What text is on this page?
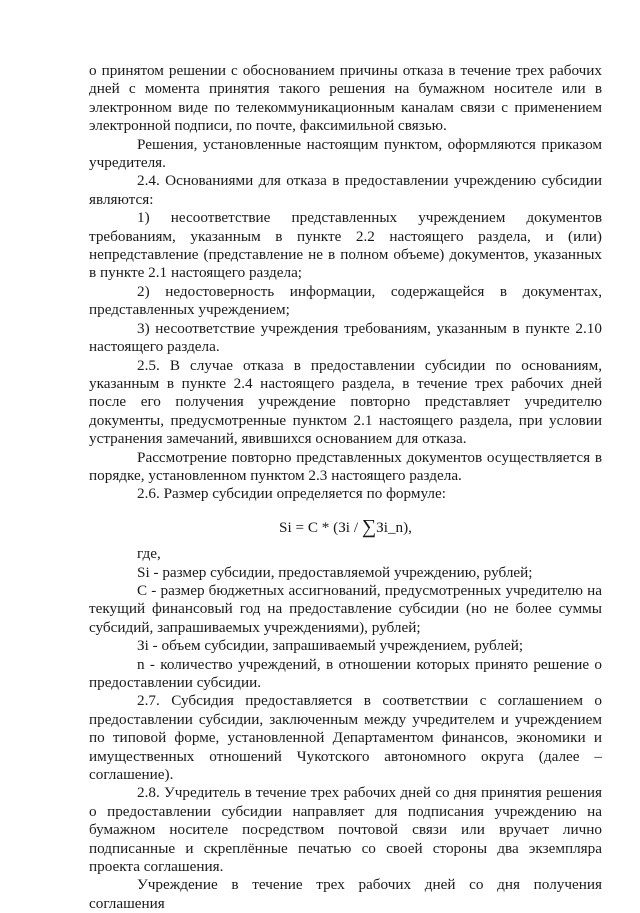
о принятом решении с обоснованием причины отказа в течение трех рабочих дней с момента принятия такого решения на бумажном носителе или в электронном виде по телекоммуникационным каналам связи с применением электронной подписи, по почте, факсимильной связью.

Решения, установленные настоящим пунктом, оформляются приказом учредителя.

2.4. Основаниями для отказа в предоставлении учреждению субсидии являются:

1) несоответствие представленных учреждением документов требованиям, указанным в пункте 2.2 настоящего раздела, и (или) непредставление (представление не в полном объеме) документов, указанных в пункте 2.1 настоящего раздела;

2) недостоверность информации, содержащейся в документах, представленных учреждением;

3) несоответствие учреждения требованиям, указанным в пункте 2.10 настоящего раздела.

2.5. В случае отказа в предоставлении субсидии по основаниям, указанным в пункте 2.4 настоящего раздела, в течение трех рабочих дней после его получения учреждение повторно представляет учредителю документы, предусмотренные пунктом 2.1 настоящего раздела, при условии устранения замечаний, явившихся основанием для отказа.

Рассмотрение повторно представленных документов осуществляется в порядке, установленном пунктом 2.3 настоящего раздела.

2.6. Размер субсидии определяется по формуле:

Si = C * (Зi / ∑Зi_n),

где,

Si - размер субсидии, предоставляемой учреждению, рублей;

C - размер бюджетных ассигнований, предусмотренных учредителю на текущий финансовый год на предоставление субсидии (но не более суммы субсидий, запрашиваемых учреждениями), рублей;

Зi - объем субсидии, запрашиваемый учреждением, рублей;

n - количество учреждений, в отношении которых принято решение о предоставлении субсидии.

2.7. Субсидия предоставляется в соответствии с соглашением о предоставлении субсидии, заключенным между учредителем и учреждением по типовой форме, установленной Департаментом финансов, экономики и имущественных отношений Чукотского автономного округа (далее – соглашение).

2.8. Учредитель в течение трех рабочих дней со дня принятия решения о предоставлении субсидии направляет для подписания учреждению на бумажном носителе посредством почтовой связи или вручает лично подписанные и скреплённые печатью со своей стороны два экземпляра проекта соглашения.

Учреждение в течение трех рабочих дней со дня получения соглашения
